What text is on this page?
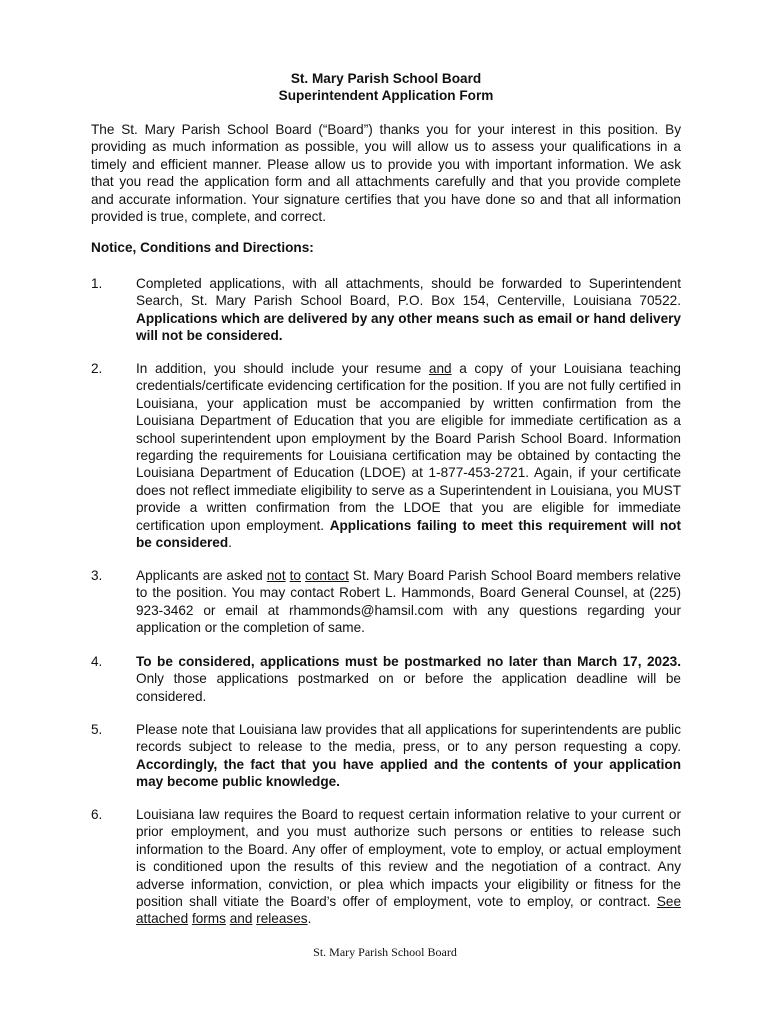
St. Mary Parish School Board
Superintendent Application Form
The St. Mary Parish School Board (“Board”) thanks you for your interest in this position. By providing as much information as possible, you will allow us to assess your qualifications in a timely and efficient manner. Please allow us to provide you with important information. We ask that you read the application form and all attachments carefully and that you provide complete and accurate information. Your signature certifies that you have done so and that all information provided is true, complete, and correct.
Notice, Conditions and Directions:
1.	Completed applications, with all attachments, should be forwarded to Superintendent Search, St. Mary Parish School Board, P.O. Box 154, Centerville, Louisiana 70522. Applications which are delivered by any other means such as email or hand delivery will not be considered.
2.	In addition, you should include your resume and a copy of your Louisiana teaching credentials/certificate evidencing certification for the position. If you are not fully certified in Louisiana, your application must be accompanied by written confirmation from the Louisiana Department of Education that you are eligible for immediate certification as a school superintendent upon employment by the Board Parish School Board. Information regarding the requirements for Louisiana certification may be obtained by contacting the Louisiana Department of Education (LDOE) at 1-877-453-2721. Again, if your certificate does not reflect immediate eligibility to serve as a Superintendent in Louisiana, you MUST provide a written confirmation from the LDOE that you are eligible for immediate certification upon employment. Applications failing to meet this requirement will not be considered.
3.	Applicants are asked not to contact St. Mary Board Parish School Board members relative to the position. You may contact Robert L. Hammonds, Board General Counsel, at (225) 923-3462 or email at rhammonds@hamsil.com with any questions regarding your application or the completion of same.
4.	To be considered, applications must be postmarked no later than March 17, 2023. Only those applications postmarked on or before the application deadline will be considered.
5.	Please note that Louisiana law provides that all applications for superintendents are public records subject to release to the media, press, or to any person requesting a copy. Accordingly, the fact that you have applied and the contents of your application may become public knowledge.
6.	Louisiana law requires the Board to request certain information relative to your current or prior employment, and you must authorize such persons or entities to release such information to the Board. Any offer of employment, vote to employ, or actual employment is conditioned upon the results of this review and the negotiation of a contract. Any adverse information, conviction, or plea which impacts your eligibility or fitness for the position shall vitiate the Board’s offer of employment, vote to employ, or contract. See attached forms and releases.
St. Mary Parish School Board
